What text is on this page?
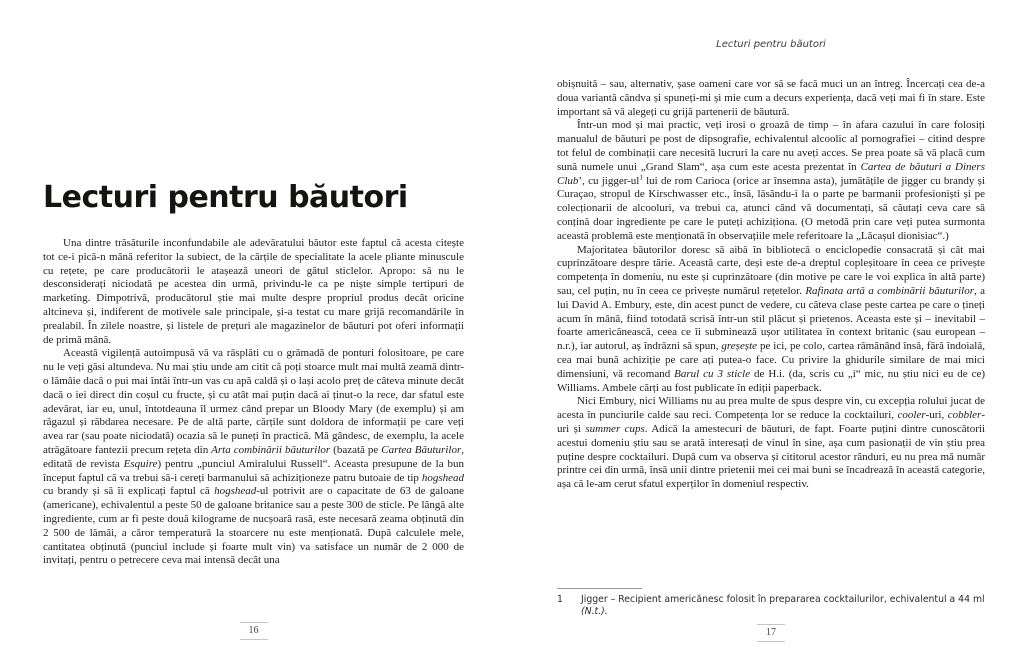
Lecturi pentru băutori

Una dintre trăsăturile inconfundabile ale adevăratului băutor este faptul că acesta citește tot ce-i pică-n mână referitor la subiect, de la cărțile de specialitate la acele pliante minuscule cu rețete, pe care producătorii le atașează uneori de gâtul sticlelor. Apropo: să nu le desconsiderați niciodată pe acestea din urmă, privindu-le ca pe niște simple tertipuri de marketing. Dimpotrivă, producătorul știe mai multe despre propriul produs decât oricine altcineva și, indiferent de motivele sale principale, și-a testat cu mare grijă recomandările în prealabil. În zilele noastre, și listele de prețuri ale magazinelor de băuturi pot oferi informații de primă mână.

Această vigilență autoimpusă vă va răsplăti cu o grămadă de ponturi folositoare, pe care nu le veți găsi altundeva. Nu mai știu unde am citit că poți stoarce mult mai multă zeamă dintr-o lămâie dacă o pui mai întâi într-un vas cu apă caldă și o lași acolo preț de câteva minute decât dacă o iei direct din coșul cu fructe, și cu atât mai puțin dacă ai ținut-o la rece, dar sfatul este adevărat, iar eu, unul, întotdeauna îl urmez când prepar un Bloody Mary (de exemplu) și am răgazul și răbdarea necesare. Pe de altă parte, cărțile sunt doldora de informații pe care veți avea rar (sau poate niciodată) ocazia să le puneți în practică. Mă gândesc, de exemplu, la acele atrăgătoare fantezii precum rețeta din Arta combinării băuturilor (bazată pe Cartea Băuturilor, editată de revista Esquire) pentru „punciul Amiralului Russell“. Aceasta presupune de la bun început faptul că va trebui să-i cereți barmanului să achiziționeze patru butoaie de tip hogshead cu brandy și să îi explicați faptul că hogshead-ul potrivit are o capacitate de 63 de galoane (americane), echivalentul a peste 50 de galoane britanice sau a peste 300 de sticle. Pe lângă alte ingrediente, cum ar fi peste două kilograme de nucșoară rasă, este necesară zeama obținută din 2 500 de lămâi, a căror temperatură la stoarcere nu este menționată. După calculele mele, cantitatea obținută (punciul include și foarte mult vin) va satisface un număr de 2 000 de invitați, pentru o petrecere ceva mai intensă decât una

16
Lecturi pentru băutori

obișnuită – sau, alternativ, șase oameni care vor să se facă muci un an întreg. Încercați cea de-a doua variantă cândva și spuneți-mi și mie cum a decurs experiența, dacă veți mai fi în stare. Este important să vă alegeți cu grijă partenerii de băutură.

Într-un mod și mai practic, veți irosi o groază de timp – în afara cazului în care folosiți manualul de băuturi pe post de dipsografie, echivalentul alcoolic al pornografiei – citind despre tot felul de combinații care necesită lucruri la care nu aveți acces. Se prea poate să vă placă cum sună numele unui „Grand Slam“, așa cum este acesta prezentat în Cartea de băuturi a Diners Club’, cu jigger-$ul^1$ lui de rom Carioca (orice ar însemna asta), jumătățile de jigger cu brandy și Curaçao, stropul de Kirschwasser etc., însă, lăsându-i la o parte pe barmanii profesioniști și pe colecționarii de alcooluri, va trebui ca, atunci când vă documentați, să căutați ceva care să conțină doar ingrediente pe care le puteți achiziționa. (O metodă prin care veți putea surmonta această problemă este menționată în observațiile mele referitoare la „Lăcașul dionisiac“.)

Majoritatea băutorilor doresc să aibă în bibliotecă o enciclopedie consacrată și cât mai cuprinzătoare despre tărie. Această carte, deși este de-a dreptul copleșitoare în ceea ce privește competența în domeniu, nu este și cuprinzătoare (din motive pe care le voi explica în altă parte) sau, cel puțin, nu în ceea ce privește numărul rețetelor. Rafinata artă a combinării băuturilor, a lui David A. Embury, este, din acest punct de vedere, cu câteva clase peste cartea pe care o țineți acum în mână, fiind totodată scrisă într-un stil plăcut și prietenos. Aceasta este și – inevitabil – foarte americănească, ceea ce îi subminează ușor utilitatea în context britanic (sau european – n.r.), iar autorul, aș îndrăzni să spun, greșește pe ici, pe colo, cartea rămânând însă, fără îndoială, cea mai bună achiziție pe care ați putea-o face. Cu privire la ghidurile similare de mai mici dimensiuni, vă recomand Barul cu 3 sticle de H.i. (da, scris cu „i“ mic, nu știu nici eu de ce) Williams. Ambele cărți au fost publicate în ediții paperback.

Nici Embury, nici Williams nu au prea multe de spus despre vin, cu excepția rolului jucat de acesta în punciurile calde sau reci. Competența lor se reduce la cocktailuri, cooler-uri, cobbler-uri și summer cups. Adică la amestecuri de băuturi, de fapt. Foarte puțini dintre cunoscătorii acestui domeniu știu sau se arată interesați de vinul în sine, așa cum pasionații de vin știu prea puține despre cocktailuri. După cum va observa și cititorul acestor rânduri, eu nu prea mă număr printre cei din urmă, însă unii dintre prietenii mei cei mai buni se încadrează în această categorie, așa că le-am cerut sfatul experților în domeniul respectiv.

1	Jigger – Recipient americănesc folosit în prepararea cocktailurilor, echivalentul a 44 ml (N.t.).
17
